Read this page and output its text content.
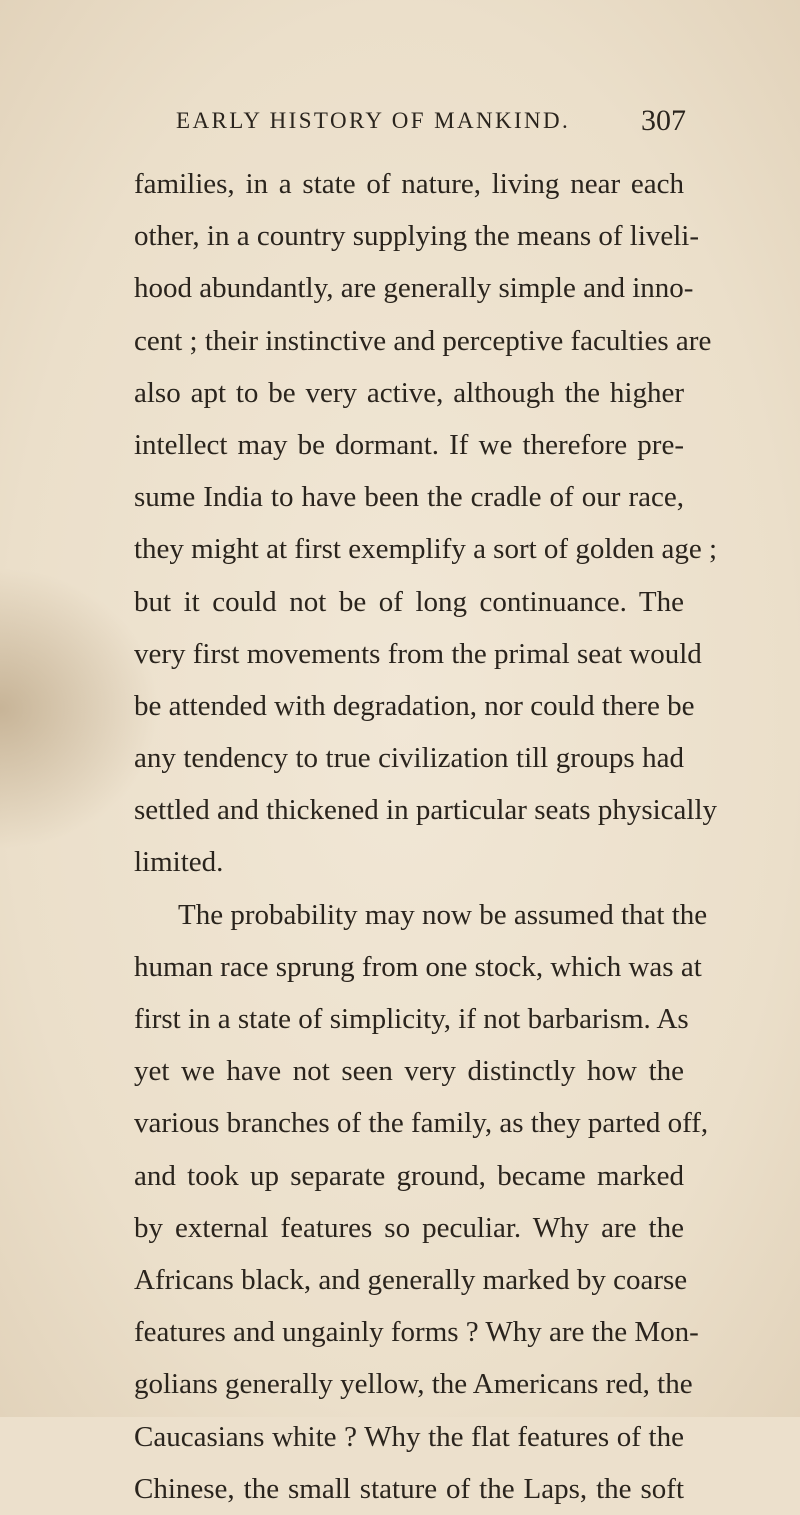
EARLY HISTORY OF MANKIND. 307
families, in a state of nature, living near each
other, in a country supplying the means of liveli-
hood abundantly, are generally simple and inno-
cent ; their instinctive and perceptive faculties are
also apt to be very active, although the higher
intellect may be dormant. If we therefore pre-
sume India to have been the cradle of our race,
they might at first exemplify a sort of golden age ;
but it could not be of long continuance. The
very first movements from the primal seat would
be attended with degradation, nor could there be
any tendency to true civilization till groups had
settled and thickened in particular seats physically
limited.
The probability may now be assumed that the
human race sprung from one stock, which was at
first in a state of simplicity, if not barbarism. As
yet we have not seen very distinctly how the
various branches of the family, as they parted off,
and took up separate ground, became marked
by external features so peculiar. Why are the
Africans black, and generally marked by coarse
features and ungainly forms ? Why are the Mon-
golians generally yellow, the Americans red, the
Caucasians white ? Why the flat features of the
Chinese, the small stature of the Laps, the soft
